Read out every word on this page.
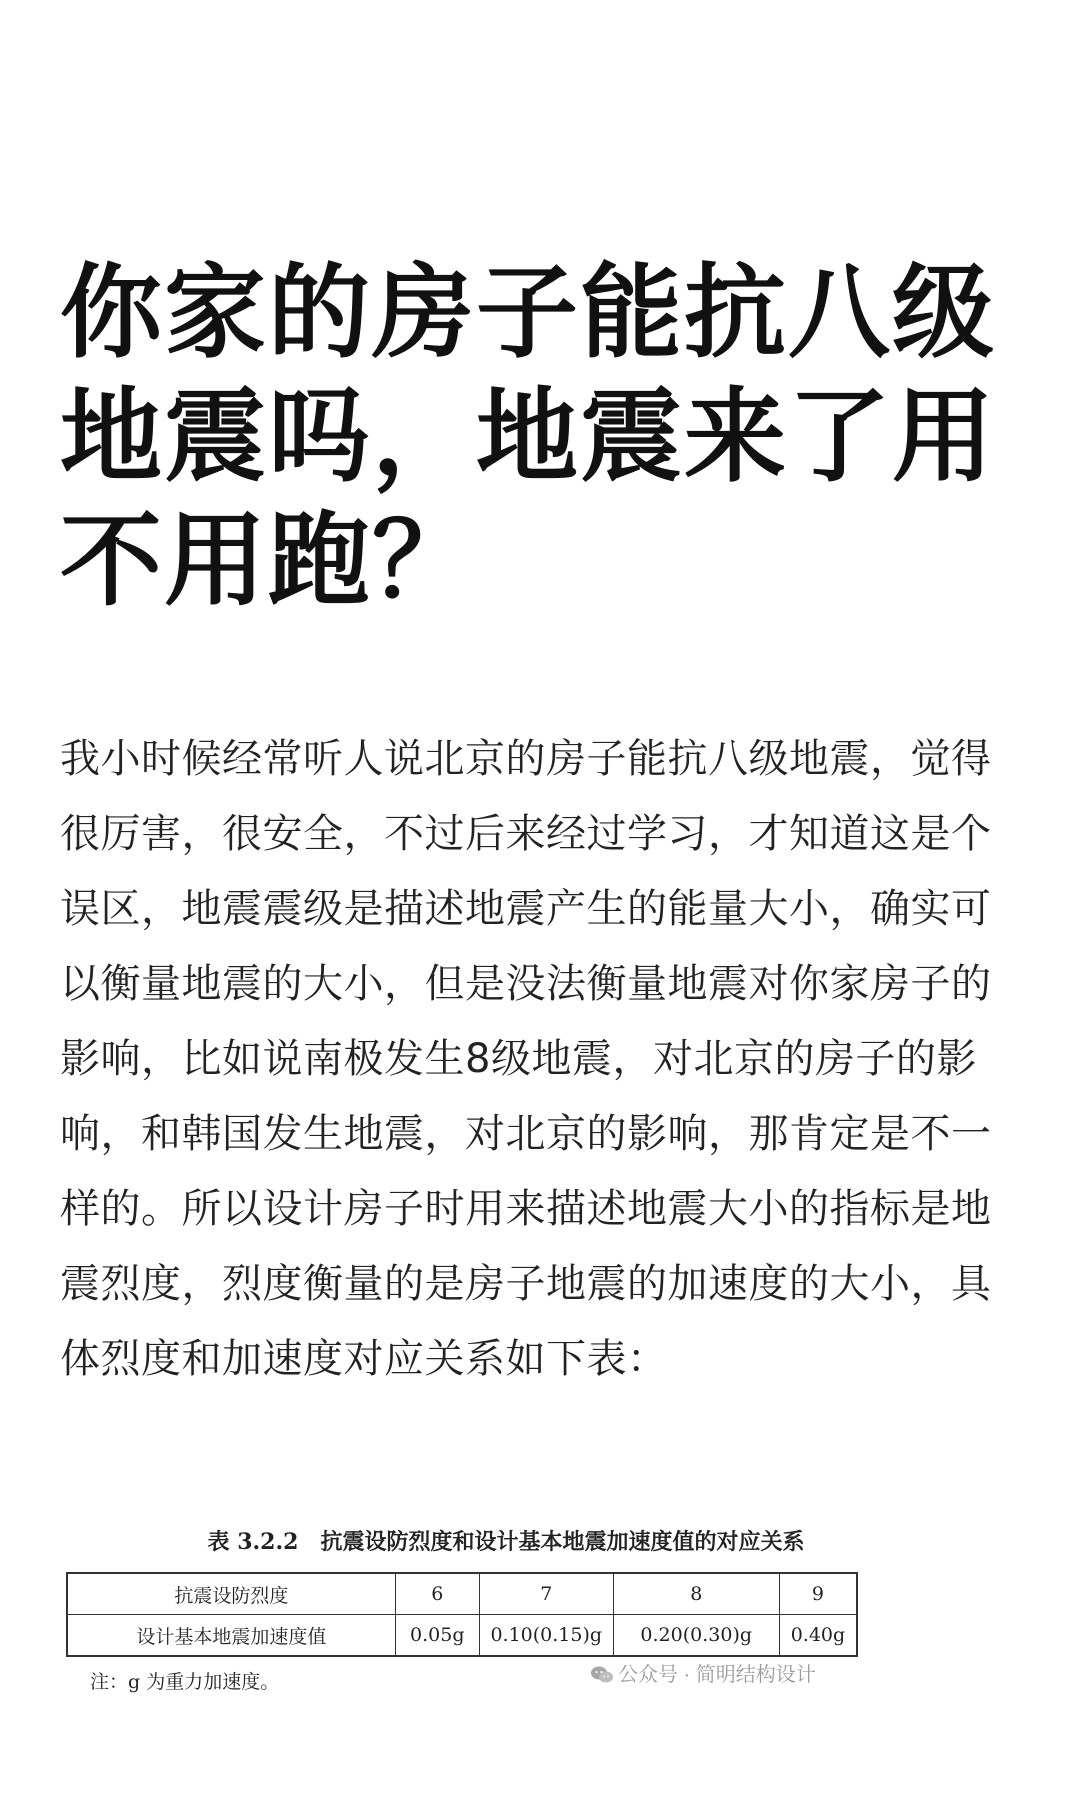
你家的房子能抗八级地震吗，地震来了用不用跑？
我小时候经常听人说北京的房子能抗八级地震，觉得很厉害，很安全，不过后来经过学习，才知道这是个误区，地震震级是描述地震产生的能量大小，确实可以衡量地震的大小，但是没法衡量地震对你家房子的影响，比如说南极发生8级地震，对北京的房子的影响，和韩国发生地震，对北京的影响，那肯定是不一样的。所以设计房子时用来描述地震大小的指标是地震烈度，烈度衡量的是房子地震的加速度的大小，具体烈度和加速度对应关系如下表：
表 3.2.2　抗震设防烈度和设计基本地震加速度值的对应关系
抗震设防烈度	6	7	8	9
设计基本地震加速度值	0.05g	0.10(0.15)g	0.20(0.30)g	0.40g
注：g 为重力加速度。	公众号 · 简明结构设计
